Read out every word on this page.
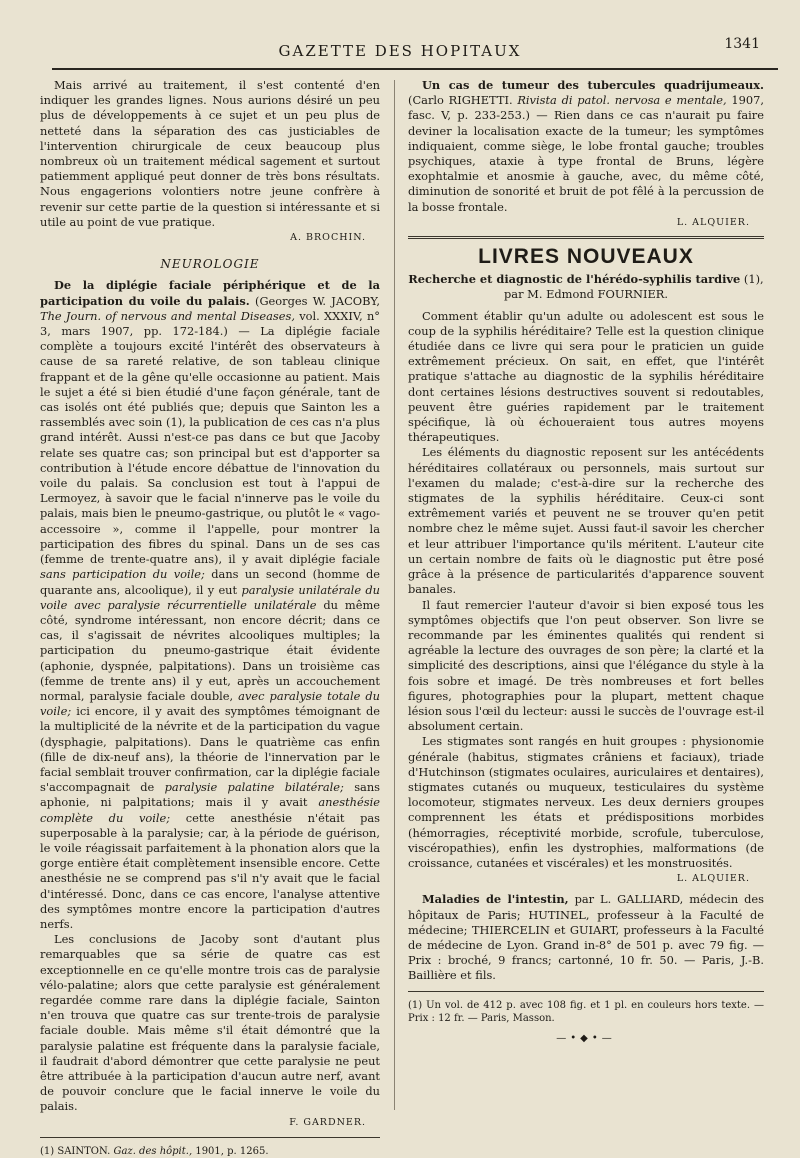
GAZETTE DES HOPITAUX	1341

Mais arrivé au traitement, il s'est contenté d'en indiquer les grandes lignes. Nous aurions désiré un peu plus de développements à ce sujet et un peu plus de netteté dans la séparation des cas justiciables de l'intervention chirurgicale de ceux beaucoup plus nombreux où un traitement médical sagement et surtout patiemment appliqué peut donner de très bons résultats. Nous engagerions volontiers notre jeune confrère à revenir sur cette partie de la question si intéressante et si utile au point de vue pratique.

A. BROCHIN.
NEUROLOGIE

De la diplégie faciale périphérique et de la participation du voile du palais. (Georges W. JACOBY, The Journ. of nervous and mental Diseases, vol. XXXIV, n° 3, mars 1907, pp. 172-184.) — La diplégie faciale complète a toujours excité l'intérêt des observateurs à cause de sa rareté relative, de son tableau clinique frappant et de la gêne qu'elle occasionne au patient. Mais le sujet a été si bien étudié d'une façon générale, tant de cas isolés ont été publiés que; depuis que Sainton les a rassemblés avec soin (1), la publication de ces cas n'a plus grand intérêt. Aussi n'est-ce pas dans ce but que Jacoby relate ses quatre cas; son principal but est d'apporter sa contribution à l'étude encore débattue de l'innovation du voile du palais. Sa conclusion est tout à l'appui de Lermoyez, à savoir que le facial n'innerve pas le voile du palais, mais bien le pneumo-gastrique, ou plutôt le « vago-accessoire », comme il l'appelle, pour montrer la participation des fibres du spinal. Dans un de ses cas (femme de trente-quatre ans), il y avait diplégie faciale sans participation du voile; dans un second (homme de quarante ans, alcoolique), il y eut paralysie unilatérale du voile avec paralysie récurrentielle unilatérale du même côté, syndrome intéressant, non encore décrit; dans ce cas, il s'agissait de névrites alcooliques multiples; la participation du pneumo-gastrique était évidente (aphonie, dyspnée, palpitations). Dans un troisième cas (femme de trente ans) il y eut, après un accouchement normal, paralysie faciale double, avec paralysie totale du voile; ici encore, il y avait des symptômes témoignant de la multiplicité de la névrite et de la participation du vague (dysphagie, palpitations). Dans le quatrième cas enfin (fille de dix-neuf ans), la théorie de l'innervation par le facial semblait trouver confirmation, car la diplégie faciale s'accompagnait de paralysie palatine bilatérale; sans aphonie, ni palpitations; mais il y avait anesthésie complète du voile; cette anesthésie n'était pas superposable à la paralysie; car, à la période de guérison, le voile réagissait parfaitement à la phonation alors que la gorge entière était complètement insensible encore. Cette anesthésie ne se comprend pas s'il n'y avait que le facial d'intéressé. Donc, dans ce cas encore, l'analyse attentive des symptômes montre encore la participation d'autres nerfs.

Les conclusions de Jacoby sont d'autant plus remarquables que sa série de quatre cas est exceptionnelle en ce qu'elle montre trois cas de paralysie vélo-palatine; alors que cette paralysie est généralement regardée comme rare dans la diplégie faciale, Sainton n'en trouva que quatre cas sur trente-trois de paralysie faciale double. Mais même s'il était démontré que la paralysie palatine est fréquente dans la paralysie faciale, il faudrait d'abord démontrer que cette paralysie ne peut être attribuée à la participation d'aucun autre nerf, avant de pouvoir conclure que le facial innerve le voile du palais.

F. GARDNER.

(1) SAINTON. Gaz. des hôpit., 1901, p. 1265.

Un cas de tumeur des tubercules quadrijumeaux. (Carlo RIGHETTI. Rivista di patol. nervosa e mentale, 1907, fasc. V, p. 233-253.) — Rien dans ce cas n'aurait pu faire deviner la localisation exacte de la tumeur; les symptômes indiquaient, comme siège, le lobe frontal gauche; troubles psychiques, ataxie à type frontal de Bruns, légère exophtalmie et anosmie à gauche, avec, du même côté, diminution de sonorité et bruit de pot fêlé à la percussion de la bosse frontale.

L. ALQUIER.
LIVRES NOUVEAUX

Recherche et diagnostic de l'hérédo-syphilis tardive (1),

par M. Edmond FOURNIER.

Comment établir qu'un adulte ou adolescent est sous le coup de la syphilis héréditaire? Telle est la question clinique étudiée dans ce livre qui sera pour le praticien un guide extrêmement précieux. On sait, en effet, que l'intérêt pratique s'attache au diagnostic de la syphilis héréditaire dont certaines lésions destructives souvent si redoutables, peuvent être guéries rapidement par le traitement spécifique, là où échoueraient tous autres moyens thérapeutiques.

Les éléments du diagnostic reposent sur les antécédents héréditaires collatéraux ou personnels, mais surtout sur l'examen du malade; c'est-à-dire sur la recherche des stigmates de la syphilis héréditaire. Ceux-ci sont extrêmement variés et peuvent ne se trouver qu'en petit nombre chez le même sujet. Aussi faut-il savoir les chercher et leur attribuer l'importance qu'ils méritent. L'auteur cite un certain nombre de faits où le diagnostic put être posé grâce à la présence de particularités d'apparence souvent banales.

Il faut remercier l'auteur d'avoir si bien exposé tous les symptômes objectifs que l'on peut observer. Son livre se recommande par les éminentes qualités qui rendent si agréable la lecture des ouvrages de son père; la clarté et la simplicité des descriptions, ainsi que l'élégance du style à la fois sobre et imagé. De très nombreuses et fort belles figures, photographies pour la plupart, mettent chaque lésion sous l'œil du lecteur: aussi le succès de l'ouvrage est-il absolument certain.

Les stigmates sont rangés en huit groupes : physionomie générale (habitus, stigmates crâniens et faciaux), triade d'Hutchinson (stigmates oculaires, auriculaires et dentaires), stigmates cutanés ou muqueux, testiculaires du système locomoteur, stigmates nerveux. Les deux derniers groupes comprennent les états et prédispositions morbides (hémorragies, réceptivité morbide, scrofule, tuberculose, viscéropathies), enfin les dystrophies, malformations (de croissance, cutanées et viscérales) et les monstruosités.

L. ALQUIER.

Maladies de l'intestin, par L. GALLIARD, médecin des hôpitaux de Paris; HUTINEL, professeur à la Faculté de médecine; THIERCELIN et GUIART, professeurs à la Faculté de médecine de Lyon. Grand in-8° de 501 p. avec 79 fig. — Prix : broché, 9 francs; cartonné, 10 fr. 50. — Paris, J.-B. Baillière et fils.

(1) Un vol. de 412 p. avec 108 fig. et 1 pl. en couleurs hors texte. — Prix : 12 fr. — Paris, Masson.

—•◆•—
